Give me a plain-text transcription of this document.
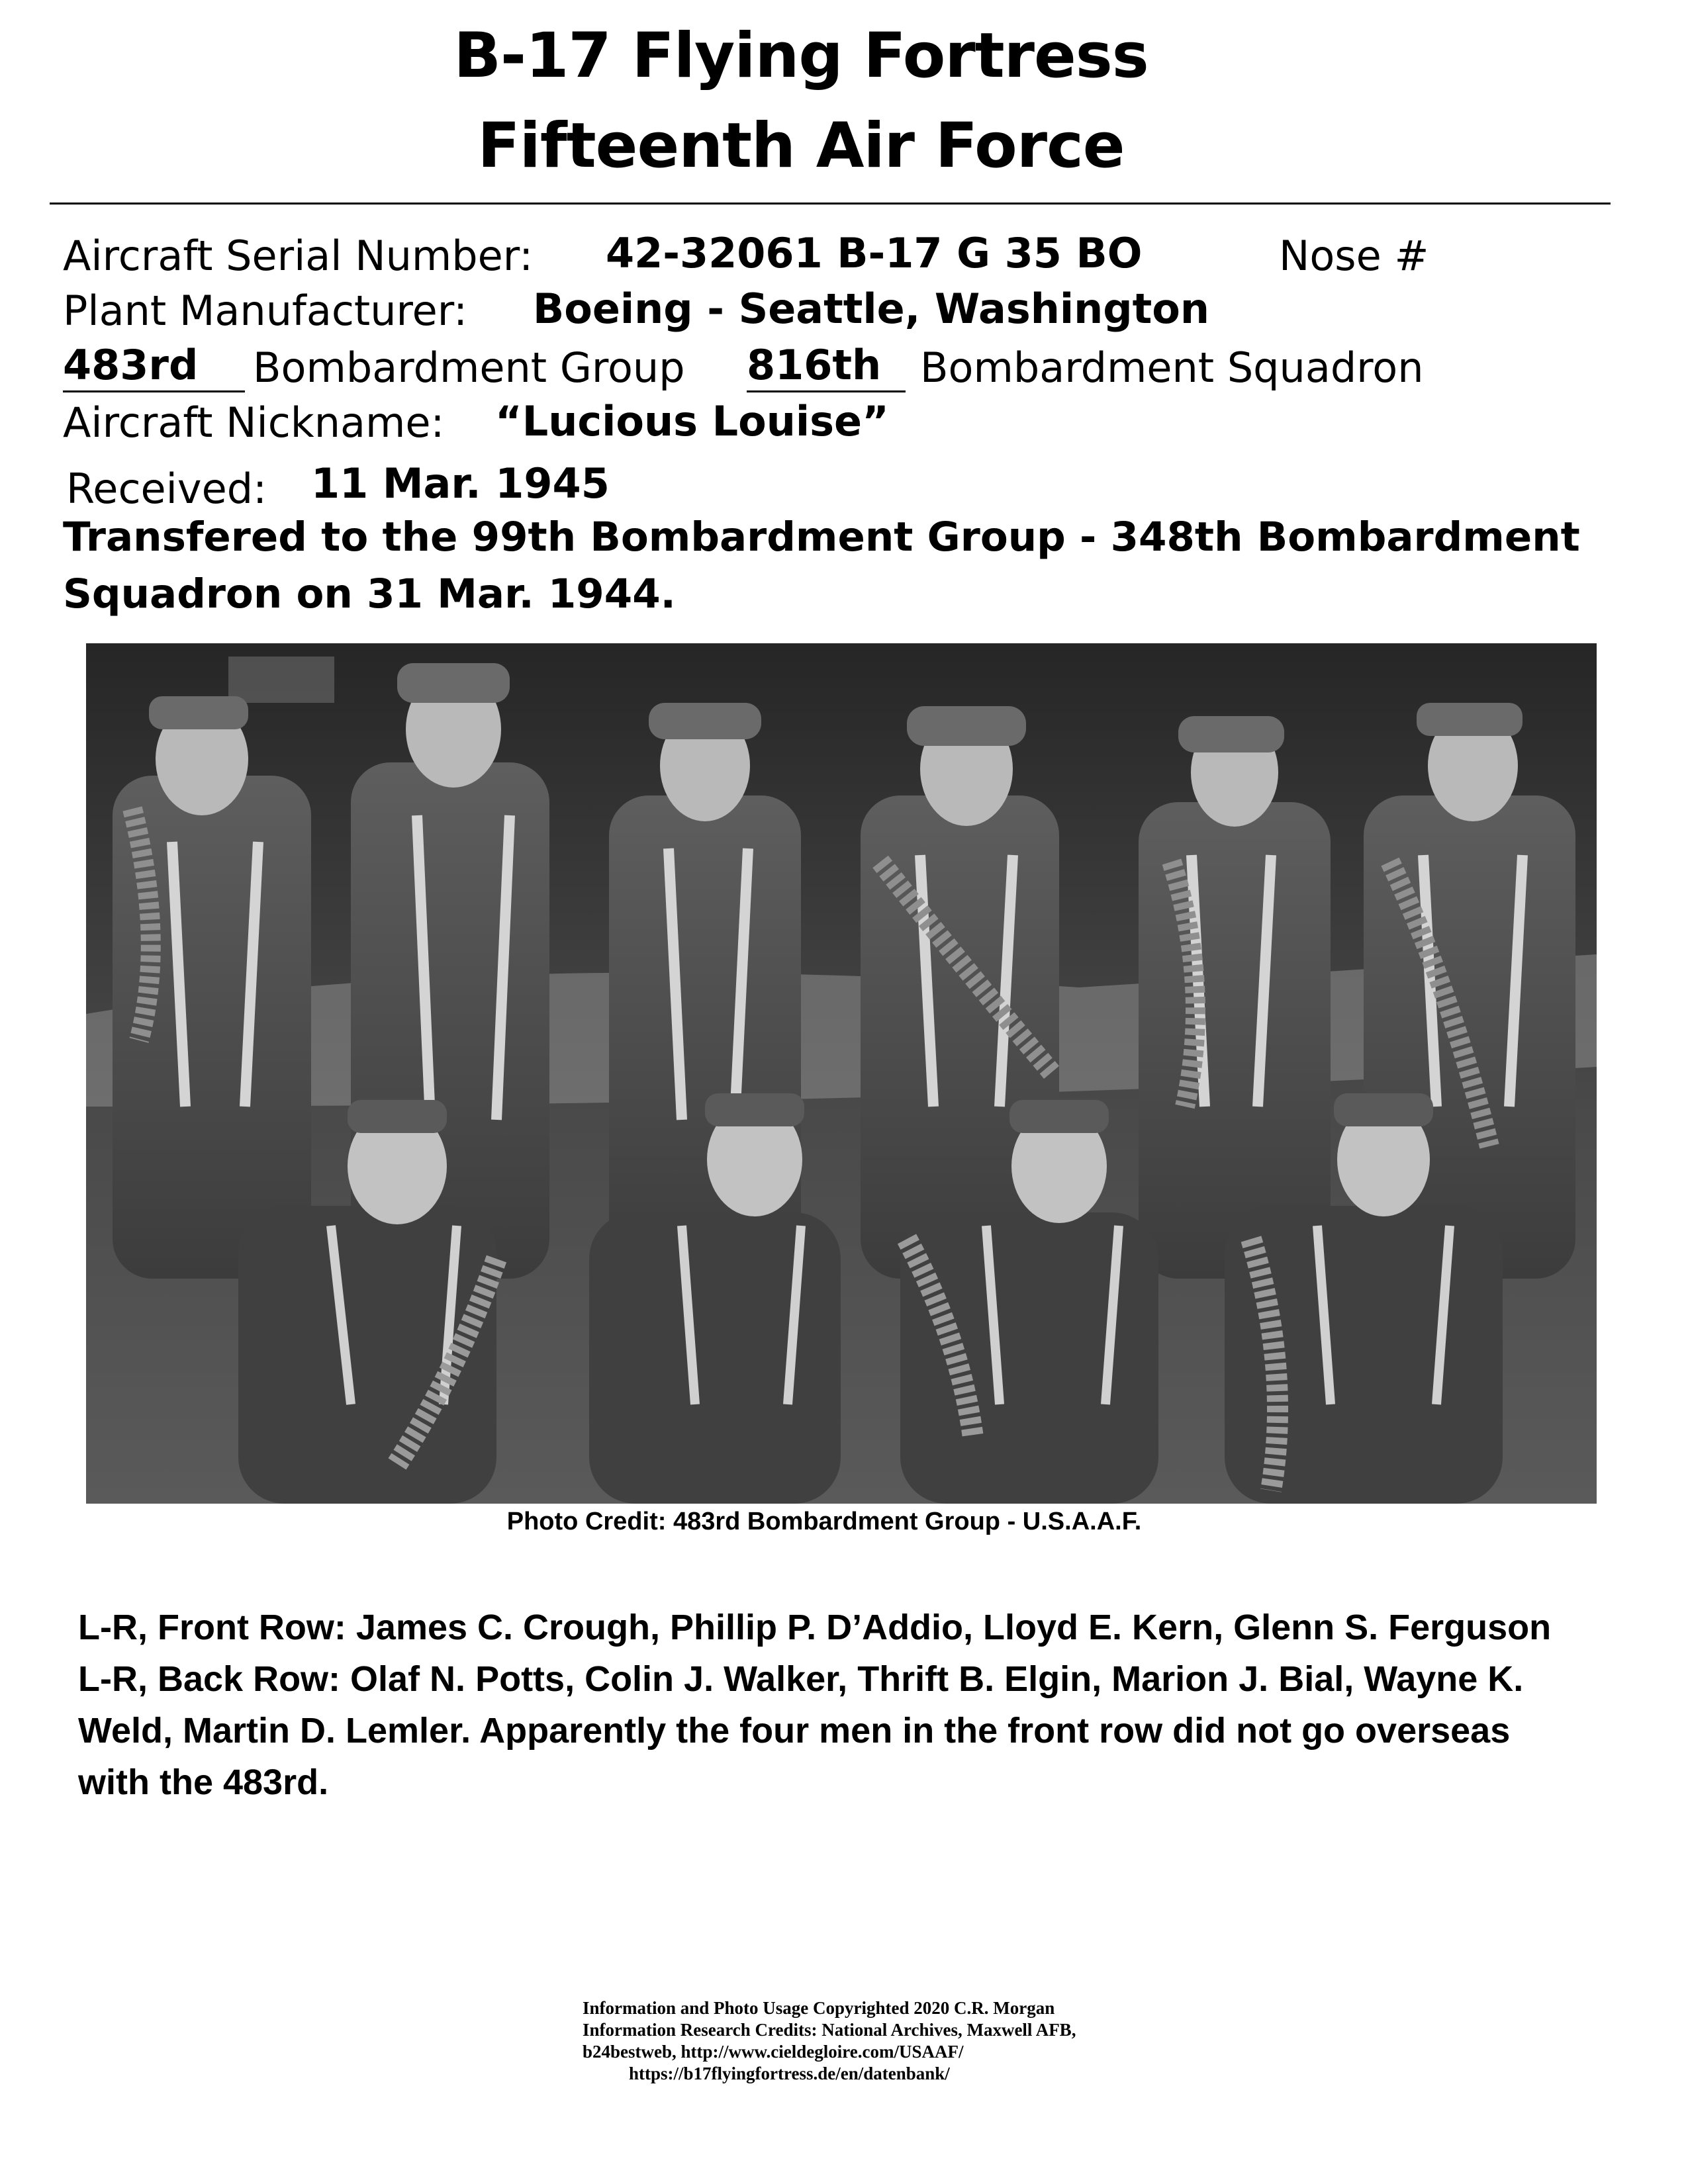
B-17 Flying Fortress
Fifteenth Air Force
Aircraft Serial Number: 42-32061 B-17 G 35 BO	Nose #
Plant Manufacturer: Boeing - Seattle, Washington
483rd	Bombardment Group 816th Bombardment Squadron
Aircraft Nickname: “Lucious Louise”
Received: 11 Mar. 1945
Transfered to the 99th Bombardment Group - 348th Bombardment
Squadron on 31 Mar. 1944.
Photo Credit: 483rd Bombardment Group - U.S.A.A.F.
L-R, Front Row: James C. Crough, Phillip P. D’Addio, Lloyd E. Kern, Glenn S. Ferguson
L-R, Back Row: Olaf N. Potts, Colin J. Walker, Thrift B. Elgin, Marion J. Bial, Wayne K.
Weld, Martin D. Lemler. Apparently the four men in the front row did not go overseas
with the 483rd.
Information and Photo Usage Copyrighted 2020 C.R. Morgan
Information Research Credits: National Archives, Maxwell AFB,
b24bestweb, http://www.cieldegloire.com/USAAF/
https://b17flyingfortress.de/en/datenbank/
